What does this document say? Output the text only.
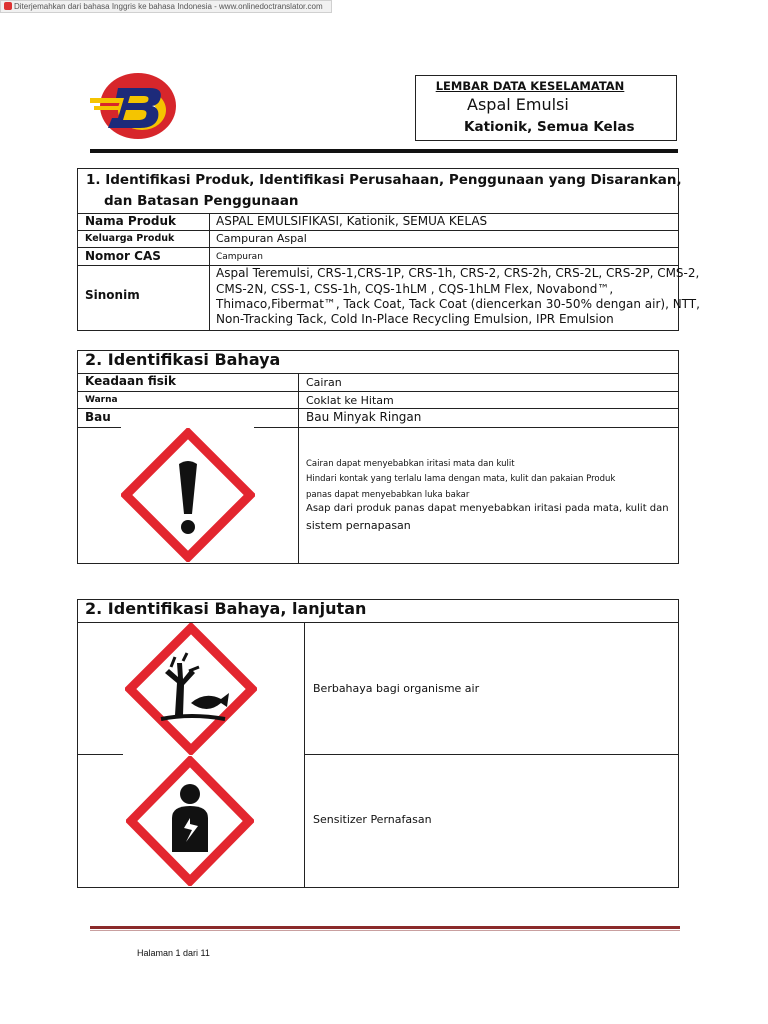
Diterjemahkan dari bahasa Inggris ke bahasa Indonesia - www.onlinedoctranslator.com
LEMBAR DATA KESELAMATAN
Aspal Emulsi
Kationik, Semua Kelas
1. Identifikasi Produk, Identifikasi Perusahaan, Penggunaan yang Disarankan,
dan Batasan Penggunaan
Nama Produk	ASPAL EMULSIFIKASI, Kationik, SEMUA KELAS
Keluarga Produk	Campuran Aspal
Nomor CAS	Campuran
Sinonim
Aspal Teremulsi, CRS-1,CRS-1P, CRS-1h, CRS-2, CRS-2h, CRS-2L, CRS-2P, CMS-2,
CMS-2N, CSS-1, CSS-1h, CQS-1hLM , CQS-1hLM Flex, Novabond™,
Thimaco,Fibermat™, Tack Coat, Tack Coat (diencerkan 30-50% dengan air), NTT,
Non-Tracking Tack, Cold In-Place Recycling Emulsion, IPR Emulsion
2. Identifikasi Bahaya
Keadaan fisik	Cairan
Warna	Coklat ke Hitam
Bau	Bau Minyak Ringan
Cairan dapat menyebabkan iritasi mata dan kulit
Hindari kontak yang terlalu lama dengan mata, kulit dan pakaian Produk
panas dapat menyebabkan luka bakar
Asap dari produk panas dapat menyebabkan iritasi pada mata, kulit dan
sistem pernapasan
2. Identifikasi Bahaya, lanjutan
Berbahaya bagi organisme air
Sensitizer Pernafasan
Halaman 1 dari 11
